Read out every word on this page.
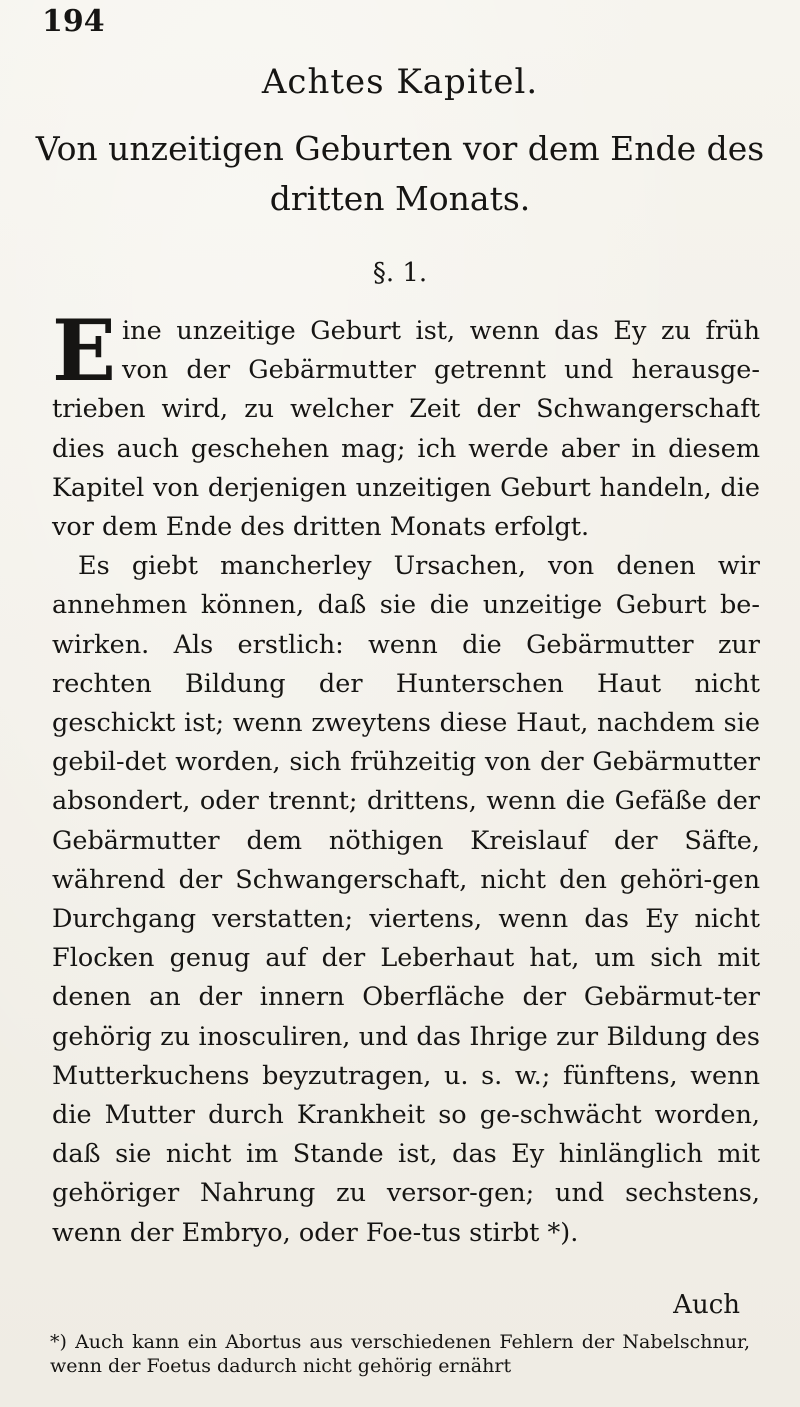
194
Achtes Kapitel.
Von unzeitigen Geburten vor dem Ende des
dritten Monats.
§. 1.

Eine unzeitige Geburt ist, wenn das Ey zu früh von der Gebärmutter getrennt und herausge-trieben wird, zu welcher Zeit der Schwangerschaft dies auch geschehen mag; ich werde aber in diesem Kapitel von derjenigen unzeitigen Geburt handeln, die vor dem Ende des dritten Monats erfolgt.

Es giebt mancherley Ursachen, von denen wir annehmen können, daß sie die unzeitige Geburt be-wirken. Als erstlich: wenn die Gebärmutter zur rechten Bildung der Hunterschen Haut nicht geschickt ist; wenn zweytens diese Haut, nachdem sie gebil-det worden, sich frühzeitig von der Gebärmutter absondert, oder trennt; drittens, wenn die Gefäße der Gebärmutter dem nöthigen Kreislauf der Säfte, während der Schwangerschaft, nicht den gehöri-gen Durchgang verstatten; viertens, wenn das Ey nicht Flocken genug auf der Leberhaut hat, um sich mit denen an der innern Oberfläche der Gebärmut-ter gehörig zu inosculiren, und das Ihrige zur Bildung des Mutterkuchens beyzutragen, u. s. w.; fünftens, wenn die Mutter durch Krankheit so ge-schwächt worden, daß sie nicht im Stande ist, das Ey hinlänglich mit gehöriger Nahrung zu versor-gen; und sechstens, wenn der Embryo, oder Foe-tus stirbt *).

Auch
*) Auch kann ein Abortus aus verschiedenen Fehlern der Nabelschnur, wenn der Foetus dadurch nicht gehörig ernährt
